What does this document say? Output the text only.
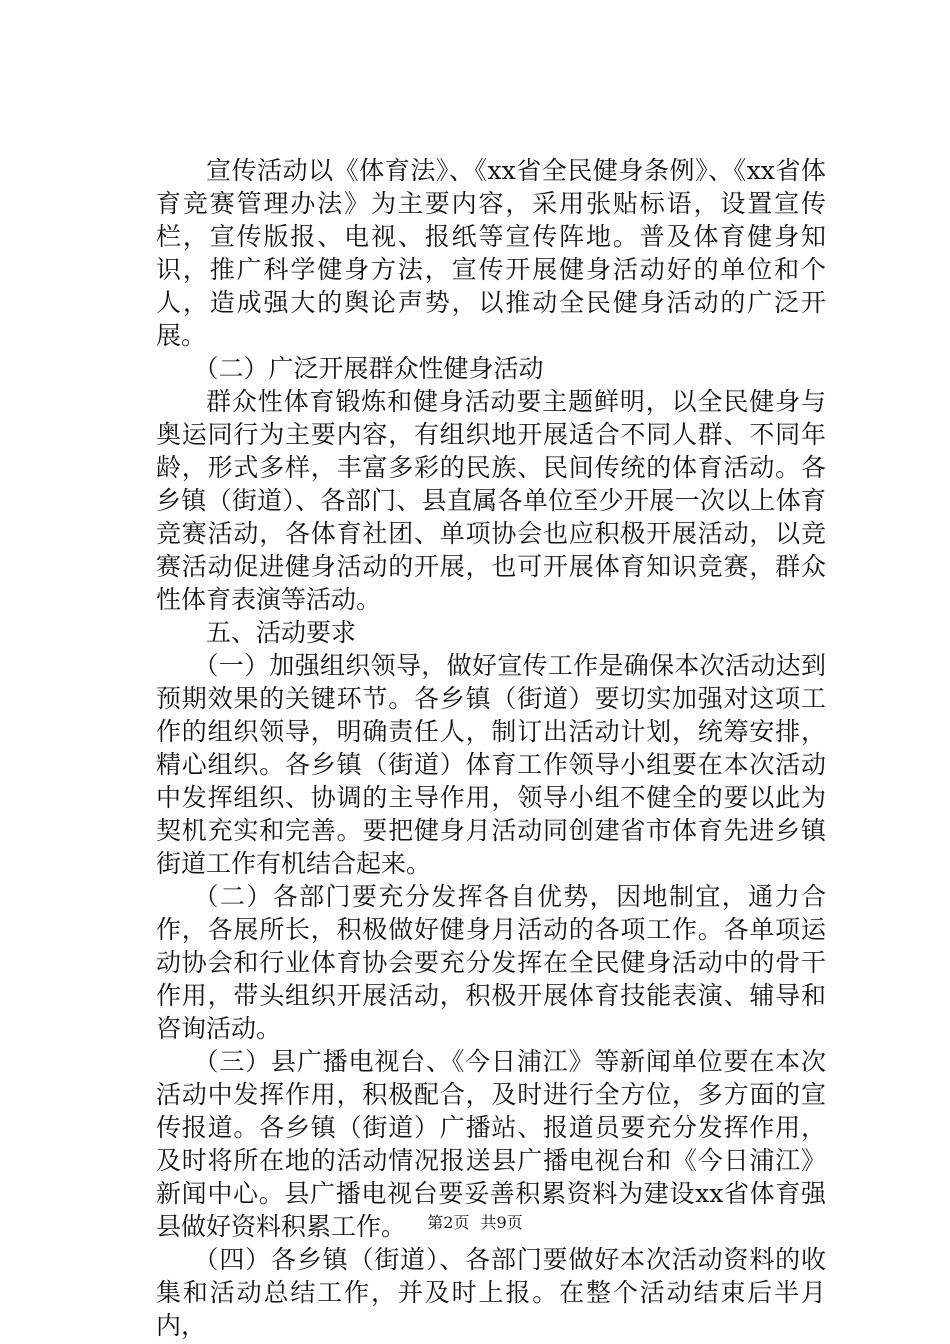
宣传活动以《体育法》、《xx省全民健身条例》、《xx省体育竞赛管理办法》为主要内容，采用张贴标语，设置宣传栏，宣传版报、电视、报纸等宣传阵地。普及体育健身知识，推广科学健身方法，宣传开展健身活动好的单位和个人，造成强大的舆论声势，以推动全民健身活动的广泛开展。

（二）广泛开展群众性健身活动

群众性体育锻炼和健身活动要主题鲜明，以全民健身与奥运同行为主要内容，有组织地开展适合不同人群、不同年龄，形式多样，丰富多彩的民族、民间传统的体育活动。各乡镇（街道）、各部门、县直属各单位至少开展一次以上体育竞赛活动，各体育社团、单项协会也应积极开展活动，以竞赛活动促进健身活动的开展，也可开展体育知识竞赛，群众性体育表演等活动。

五、活动要求

（一）加强组织领导，做好宣传工作是确保本次活动达到预期效果的关键环节。各乡镇（街道）要切实加强对这项工作的组织领导，明确责任人，制订出活动计划，统筹安排，精心组织。各乡镇（街道）体育工作领导小组要在本次活动中发挥组织、协调的主导作用，领导小组不健全的要以此为契机充实和完善。要把健身月活动同创建省市体育先进乡镇街道工作有机结合起来。

（二）各部门要充分发挥各自优势，因地制宜，通力合作，各展所长，积极做好健身月活动的各项工作。各单项运动协会和行业体育协会要充分发挥在全民健身活动中的骨干作用，带头组织开展活动，积极开展体育技能表演、辅导和咨询活动。

（三）县广播电视台、《今日浦江》等新闻单位要在本次活动中发挥作用，积极配合，及时进行全方位，多方面的宣传报道。各乡镇（街道）广播站、报道员要充分发挥作用，及时将所在地的活动情况报送县广播电视台和《今日浦江》新闻中心。县广播电视台要妥善积累资料为建设xx省体育强县做好资料积累工作。

（四）各乡镇（街道）、各部门要做好本次活动资料的收集和活动总结工作，并及时上报。在整个活动结束后半月内，

第2页 共9页
